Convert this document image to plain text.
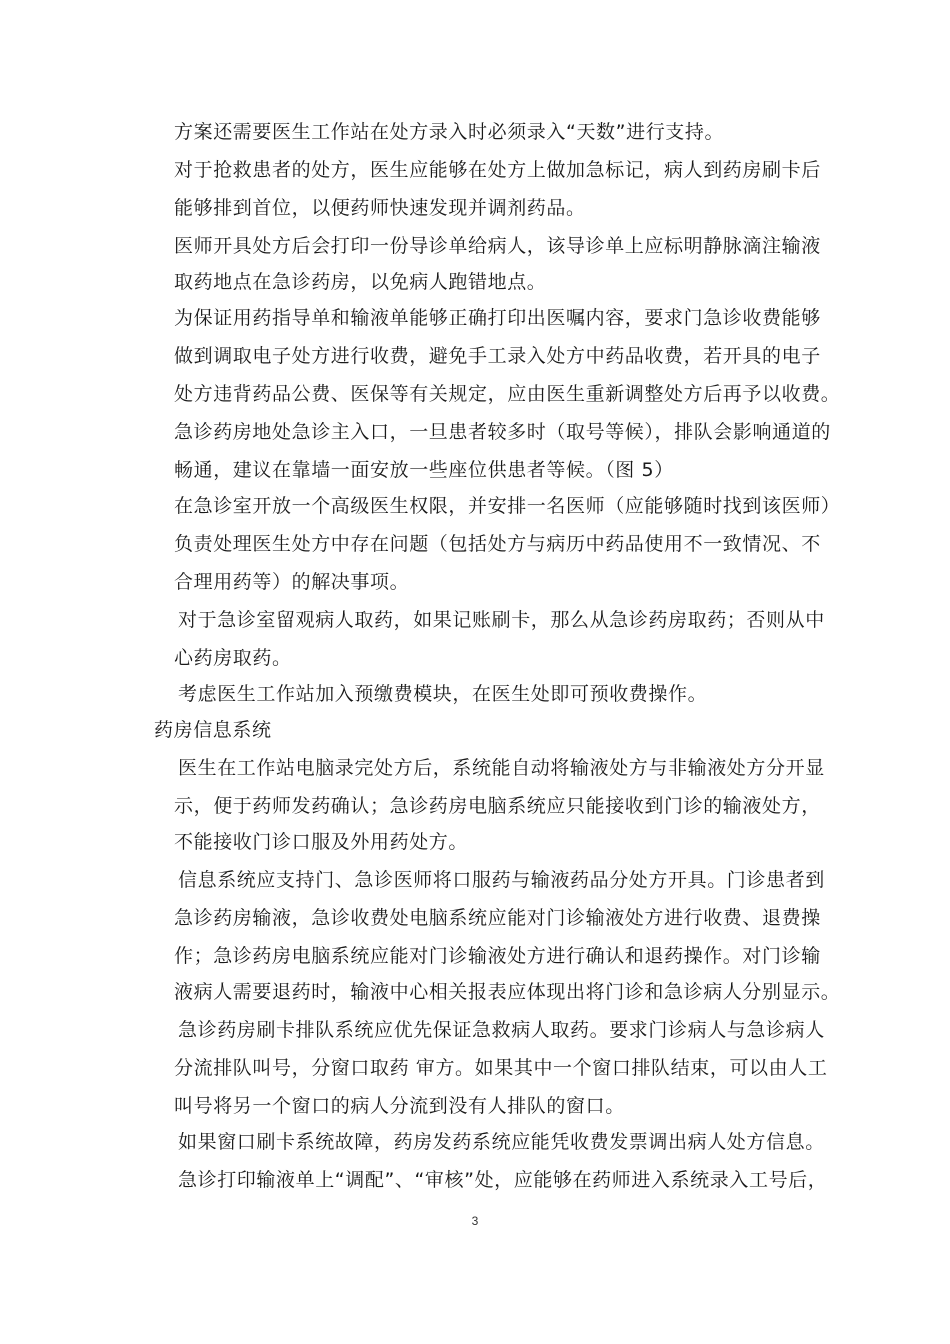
方案还需要医生工作站在处方录入时必须录入“天数”进行支持。
对于抢救患者的处方，医生应能够在处方上做加急标记，病人到药房刷卡后
能够排到首位，以便药师快速发现并调剂药品。
医师开具处方后会打印一份导诊单给病人，该导诊单上应标明静脉滴注输液
取药地点在急诊药房，以免病人跑错地点。
为保证用药指导单和输液单能够正确打印出医嘱内容，要求门急诊收费能够
做到调取电子处方进行收费，避免手工录入处方中药品收费，若开具的电子
处方违背药品公费、医保等有关规定，应由医生重新调整处方后再予以收费。
急诊药房地处急诊主入口，一旦患者较多时（取号等候），排队会影响通道的
畅通，建议在靠墙一面安放一些座位供患者等候。（图 5）
在急诊室开放一个高级医生权限，并安排一名医师（应能够随时找到该医师）
负责处理医生处方中存在问题（包括处方与病历中药品使用不一致情况、不
合理用药等）的解决事项。
对于急诊室留观病人取药，如果记账刷卡，那么从急诊药房取药；否则从中
心药房取药。
考虑医生工作站加入预缴费模块，在医生处即可预收费操作。
药房信息系统
医生在工作站电脑录完处方后，系统能自动将输液处方与非输液处方分开显
示，便于药师发药确认；急诊药房电脑系统应只能接收到门诊的输液处方，
不能接收门诊口服及外用药处方。
信息系统应支持门、急诊医师将口服药与输液药品分处方开具。门诊患者到
急诊药房输液，急诊收费处电脑系统应能对门诊输液处方进行收费、退费操
作；急诊药房电脑系统应能对门诊输液处方进行确认和退药操作。对门诊输
液病人需要退药时，输液中心相关报表应体现出将门诊和急诊病人分别显示。
急诊药房刷卡排队系统应优先保证急救病人取药。要求门诊病人与急诊病人
分流排队叫号，分窗口取药 审方。如果其中一个窗口排队结束，可以由人工
叫号将另一个窗口的病人分流到没有人排队的窗口。
如果窗口刷卡系统故障，药房发药系统应能凭收费发票调出病人处方信息。
急诊打印输液单上“调配”、“审核”处，应能够在药师进入系统录入工号后，
3
